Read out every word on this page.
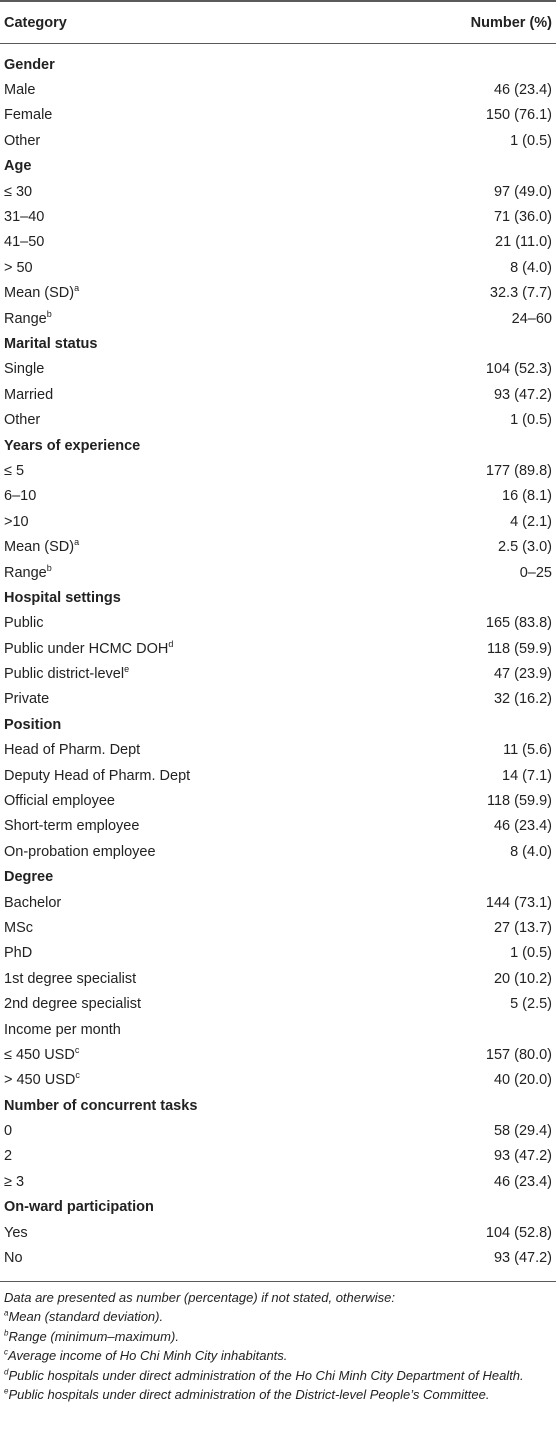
Category	Number (%)
Gender
Male	46 (23.4)
Female	150 (76.1)
Other	1 (0.5)
Age
≤ 30	97 (49.0)
31–40	71 (36.0)
41–50	21 (11.0)
> 50	8 (4.0)
Mean (SD)$^a$	32.3 (7.7)
Range$^b$	24–60
Marital status
Single	104 (52.3)
Married	93 (47.2)
Other	1 (0.5)
Years of experience
≤ 5	177 (89.8)
6–10	16 (8.1)
>10	4 (2.1)
Mean (SD)$^a$	2.5 (3.0)
Range$^b$	0–25
Hospital settings
Public	165 (83.8)
Public under HCMC DOH$^d$	118 (59.9)
Public district-level$^e$	47 (23.9)
Private	32 (16.2)
Position
Head of Pharm. Dept	11 (5.6)
Deputy Head of Pharm. Dept	14 (7.1)
Official employee	118 (59.9)
Short-term employee	46 (23.4)
On-probation employee	8 (4.0)
Degree
Bachelor	144 (73.1)
MSc	27 (13.7)
PhD	1 (0.5)
1st degree specialist	20 (10.2)
2nd degree specialist	5 (2.5)
Income per month
≤ 450 USD$^c$	157 (80.0)
> 450 USD$^c$	40 (20.0)
Number of concurrent tasks
0	58 (29.4)
2	93 (47.2)
≥ 3	46 (23.4)
On-ward participation
Yes	104 (52.8)
No	93 (47.2)
Data are presented as number (percentage) if not stated, otherwise:
$^a$Mean (standard deviation).
$^b$Range (minimum–maximum).
$^c$Average income of Ho Chi Minh City inhabitants.
$^d$Public hospitals under direct administration of the Ho Chi Minh City Department of Health.
$^e$Public hospitals under direct administration of the District-level People’s Committee.
